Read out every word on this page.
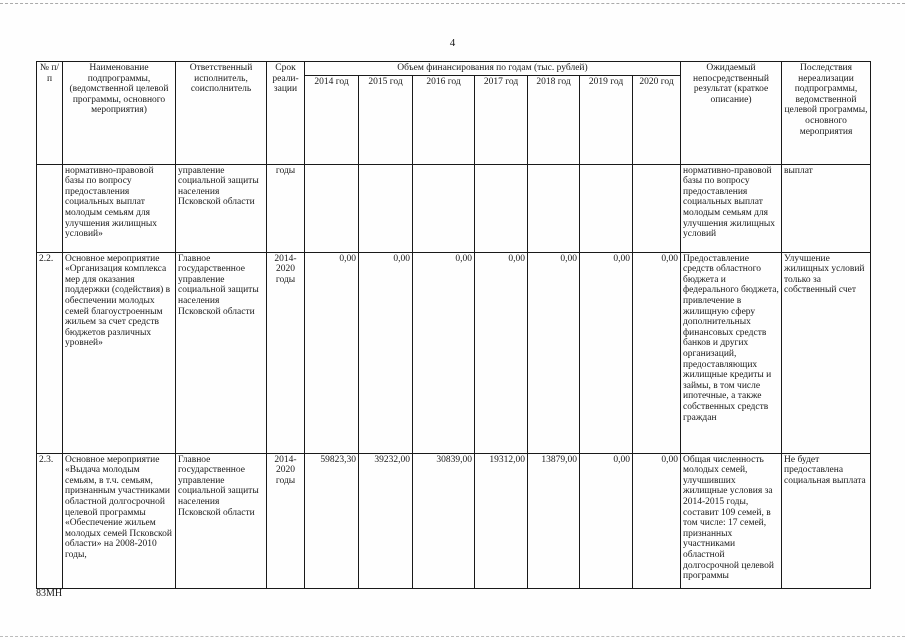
4
№ п/п	Наименование подпрограммы, (ведомственной целевой программы, основного мероприятия)	Ответственный исполнитель, соисполнитель	Срок реали-зации	Объем финансирования по годам (тыс. рублей)							Ожидаемый непосредственный результат (краткое описание)	Последствия нереализации подпрограммы, ведомственной целевой программы, основного мероприятия
				2014 год	2015 год	2016 год	2017 год	2018 год	2019 год	2020 год		
	нормативно-правовой базы по вопросу предоставления социальных выплат молодым семьям для улучшения жилищных условий»	управление социальной защиты населения Псковской области	годы								нормативно-правовой базы по вопросу предоставления социальных выплат молодым семьям для улучшения жилищных условий	выплат
2.2.	Основное мероприятие «Организация комплекса мер для оказания поддержки (содействия) в обеспечении молодых семей благоустроенным жильем за счет средств бюджетов различных уровней»	Главное государственное управление социальной защиты населения Псковской области	2014-2020 годы	0,00	0,00	0,00	0,00	0,00	0,00	0,00	Предоставление средств областного бюджета и федерального бюджета, привлечение в жилищную сферу дополнительных финансовых средств банков и других организаций, предоставляющих жилищные кредиты и займы, в том числе ипотечные, а также собственных средств граждан	Улучшение жилищных условий только за собственный счет
2.3.	Основное мероприятие «Выдача молодым семьям, в т.ч. семьям, признанным участниками областной долгосрочной целевой программы «Обеспечение жильем молодых семей Псковской области» на 2008-2010 годы,	Главное государственное управление социальной защиты населения Псковской области	2014-2020 годы	59823,30	39232,00	30839,00	19312,00	13879,00	0,00	0,00	Общая численность молодых семей, улучшивших жилищные условия за 2014-2015 годы, составит 109 семей, в том числе: 17 семей, признанных участниками областной долгосрочной целевой программы	Не будет предоставлена социальная выплата
83МН
